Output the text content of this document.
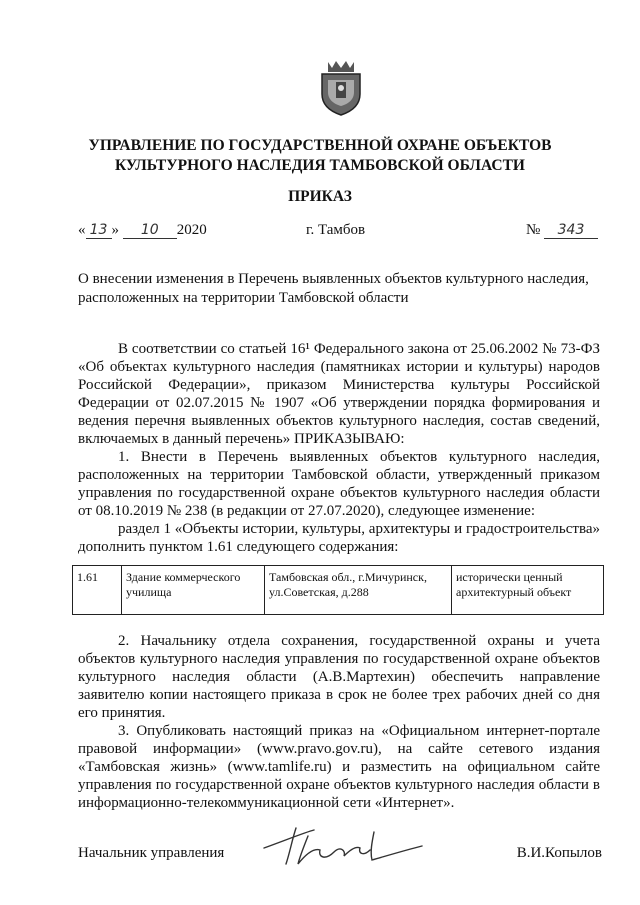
УПРАВЛЕНИЕ ПО ГОСУДАРСТВЕННОЙ ОХРАНЕ ОБЪЕКТОВ
КУЛЬТУРНОГО НАСЛЕДИЯ ТАМБОВСКОЙ ОБЛАСТИ
ПРИКАЗ
« 13 » 10 2020	г. Тамбов	№ 343
О внесении изменения в Перечень выявленных объектов культурного наследия,
расположенных на территории Тамбовской области

В соответствии со статьей 16¹ Федерального закона от 25.06.2002 № 73-ФЗ «Об объектах культурного наследия (памятниках истории и культуры) народов Российской Федерации», приказом Министерства культуры Российской Федерации от 02.07.2015 № 1907 «Об утверждении порядка формирования и ведения перечня выявленных объектов культурного наследия, состав сведений, включаемых в данный перечень» ПРИКАЗЫВАЮ:

1. Внести в Перечень выявленных объектов культурного наследия, расположенных на территории Тамбовской области, утвержденный приказом управления по государственной охране объектов культурного наследия области от 08.10.2019 № 238 (в редакции от 27.07.2020), следующее изменение:

раздел 1 «Объекты истории, культуры, архитектуры и градостроительства» дополнить пунктом 1.61 следующего содержания:

1.61	Здание коммерческого училища	Тамбовская обл., г.Мичуринск, ул.Советская, д.288	исторически ценный архитектурный объект

2. Начальнику отдела сохранения, государственной охраны и учета объектов культурного наследия управления по государственной охране объектов культурного наследия области (А.В.Мартехин) обеспечить направление заявителю копии настоящего приказа в срок не более трех рабочих дней со дня его принятия.

3. Опубликовать настоящий приказ на «Официальном интернет-портале правовой информации» (www.pravo.gov.ru), на сайте сетевого издания «Тамбовская жизнь» (www.tamlife.ru) и разместить на официальном сайте управления по государственной охране объектов культурного наследия области в информационно-телекоммуникационной сети «Интернет».

Начальник управления	В.И.Копылов
